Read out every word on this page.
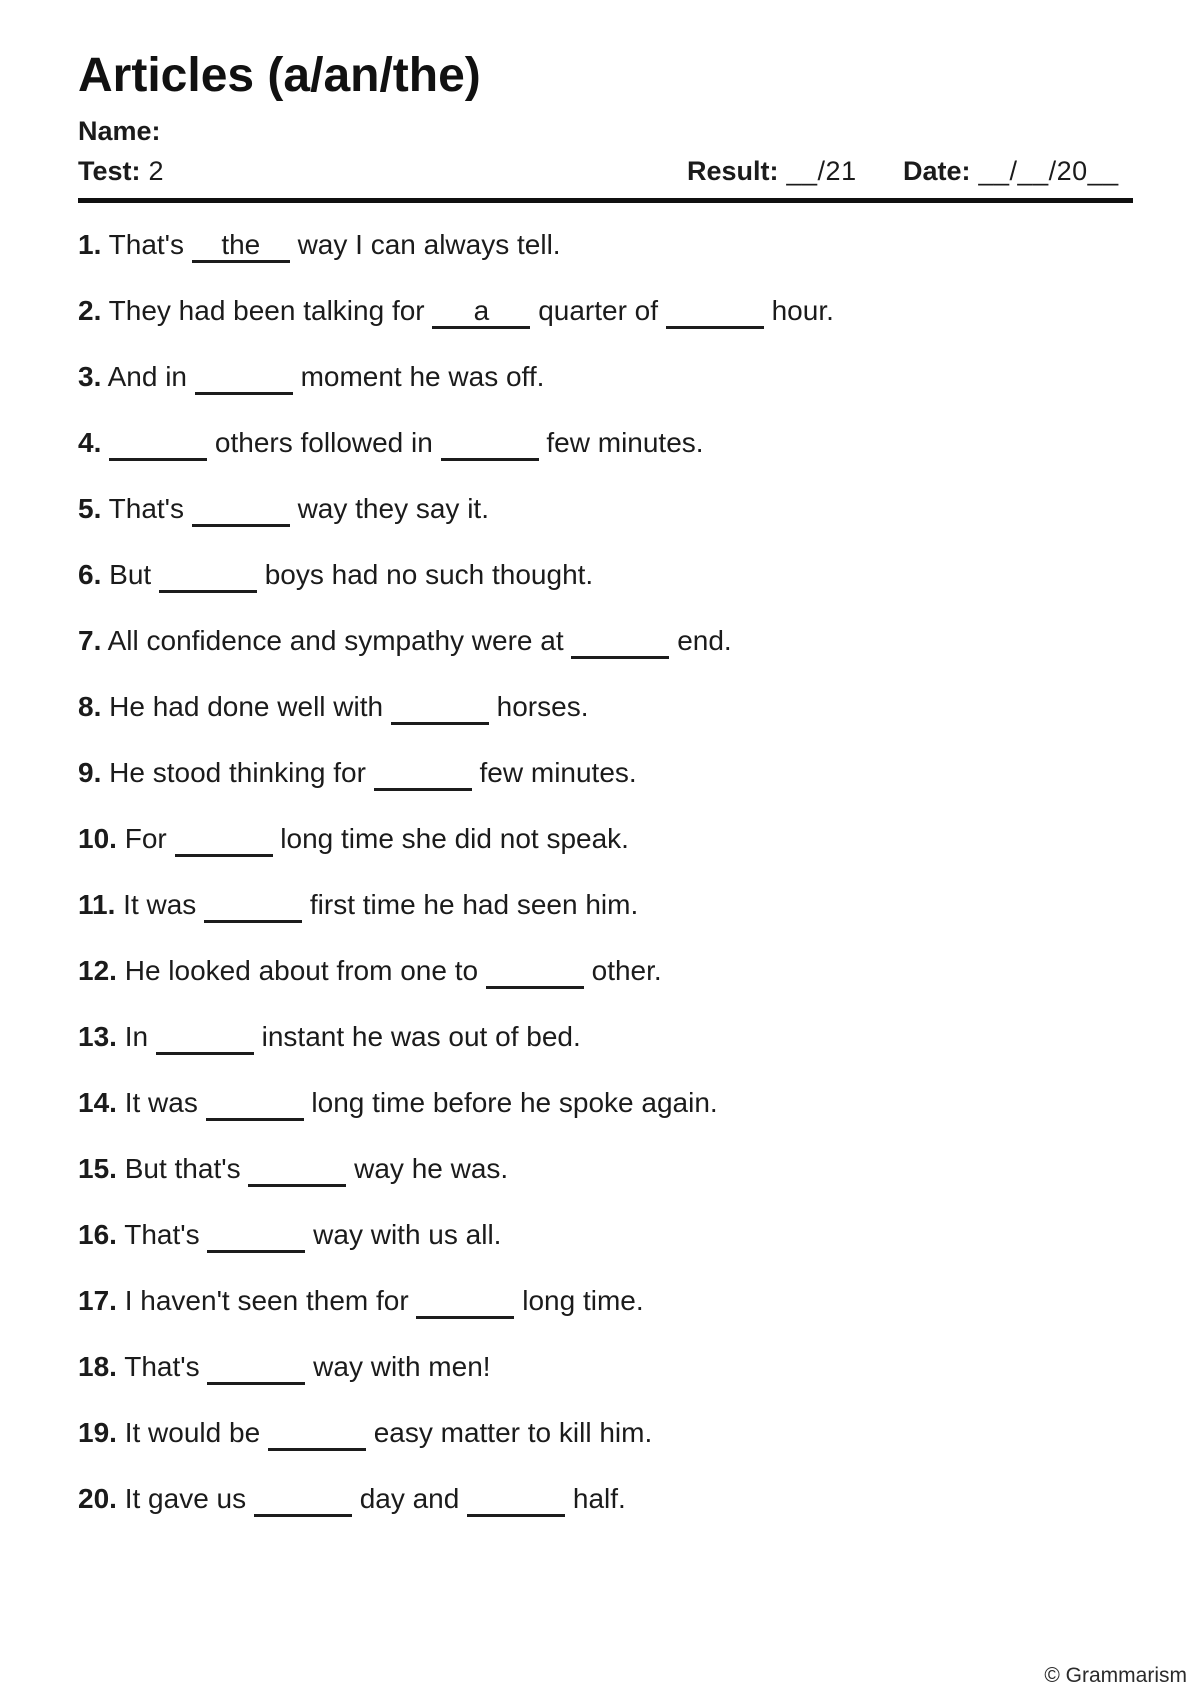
Articles (a/an/the)
Name:
Test: 2	Result: __/21 Date: __/__/20__
1. That's the way I can always tell.
2. They had been talking for a quarter of	hour.
3. And in	moment he was off.
4.	others followed in	few minutes.
5. That's	way they say it.
6. But	boys had no such thought.
7. All confidence and sympathy were at	end.
8. He had done well with	horses.
9. He stood thinking for	few minutes.
10. For	long time she did not speak.
11. It was	first time he had seen him.
12. He looked about from one to	other.
13. In	instant he was out of bed.
14. It was	long time before he spoke again.
15. But that's	way he was.
16. That's	way with us all.
17. I haven't seen them for	long time.
18. That's	way with men!
19. It would be	easy matter to kill him.
20. It gave us	day and	half.
© Grammarism
